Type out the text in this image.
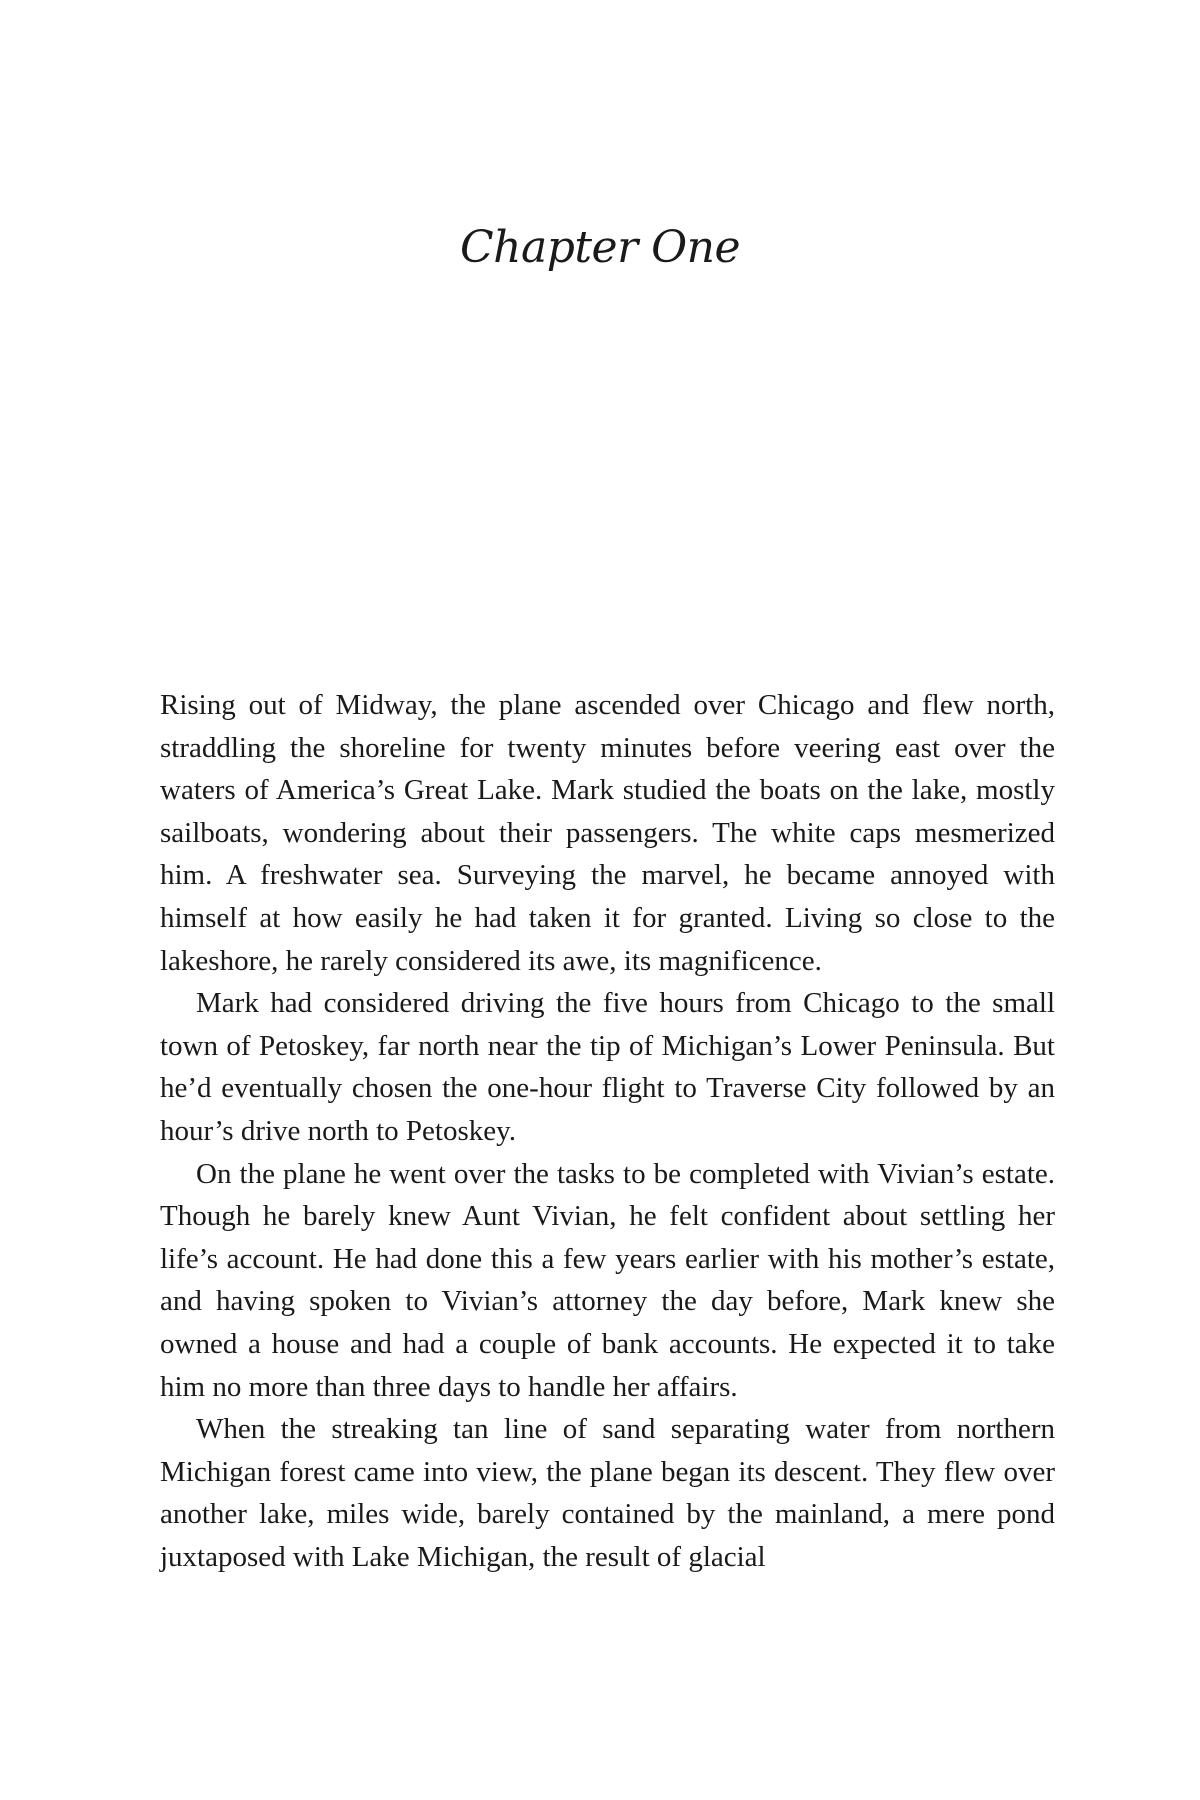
Chapter One

Rising out of Midway, the plane ascended over Chicago and flew north, straddling the shoreline for twenty minutes before veering east over the waters of America’s Great Lake. Mark studied the boats on the lake, mostly sailboats, wondering about their passengers. The white caps mesmerized him. A freshwater sea. Surveying the marvel, he became annoyed with himself at how easily he had taken it for granted. Living so close to the lakeshore, he rarely considered its awe, its magnificence.

Mark had considered driving the five hours from Chicago to the small town of Petoskey, far north near the tip of Michigan’s Lower Peninsula. But he’d eventually chosen the one-hour flight to Traverse City followed by an hour’s drive north to Petoskey.

On the plane he went over the tasks to be completed with Vivian’s estate. Though he barely knew Aunt Vivian, he felt confident about settling her life’s account. He had done this a few years earlier with his mother’s estate, and having spoken to Vivian’s attorney the day before, Mark knew she owned a house and had a couple of bank accounts. He expected it to take him no more than three days to handle her affairs.

When the streaking tan line of sand separating water from northern Michigan forest came into view, the plane began its descent. They flew over another lake, miles wide, barely contained by the mainland, a mere pond juxtaposed with Lake Michigan, the result of glacial
